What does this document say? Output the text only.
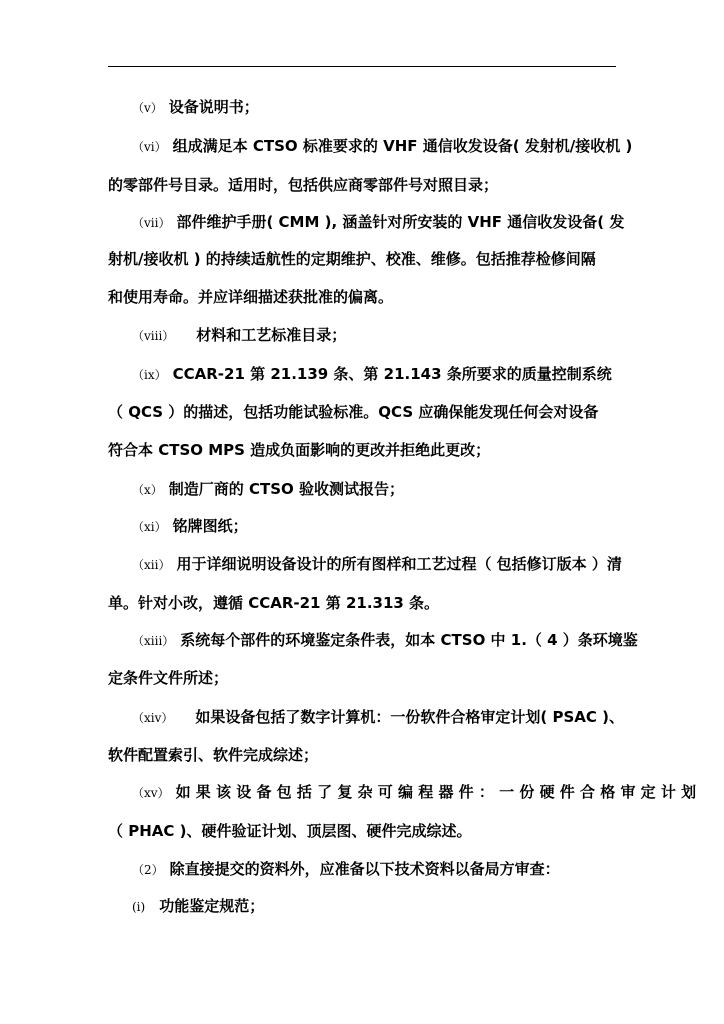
（v） 设备说明书；
（vi） 组成满足本 CTSO 标准要求的 VHF 通信收发设备( 发射机/接收机 )
的零部件号目录。适用时，包括供应商零部件号对照目录；
（vii） 部件维护手册( CMM ), 涵盖针对所安装的 VHF 通信收发设备( 发
射机/接收机 ) 的持续适航性的定期维护、校准、维修。包括推荐检修间隔
和使用寿命。并应详细描述获批准的偏离。
（viii） 材料和工艺标准目录；
（ix） CCAR-21 第 21.139 条、第 21.143 条所要求的质量控制系统
（ QCS ）的描述，包括功能试验标准。QCS 应确保能发现任何会对设备
符合本 CTSO MPS 造成负面影响的更改并拒绝此更改；
（x） 制造厂商的 CTSO 验收测试报告；
（xi） 铭牌图纸；
（xii） 用于详细说明设备设计的所有图样和工艺过程（ 包括修订版本 ）清
单。针对小改，遵循 CCAR-21 第 21.313 条。
（xiii） 系统每个部件的环境鉴定条件表，如本 CTSO 中 1.（ 4 ）条环境鉴
定条件文件所述；
（xiv） 如果设备包括了数字计算机：一份软件合格审定计划( PSAC )、
软件配置索引、软件完成综述；
（xv） 如 果 该 设 备 包 括 了 复 杂 可 编 程 器 件 ： 一 份 硬 件 合 格 审 定 计 划
（ PHAC )、硬件验证计划、顶层图、硬件完成综述。
（2） 除直接提交的资料外，应准备以下技术资料以备局方审查：
(i) 功能鉴定规范；
